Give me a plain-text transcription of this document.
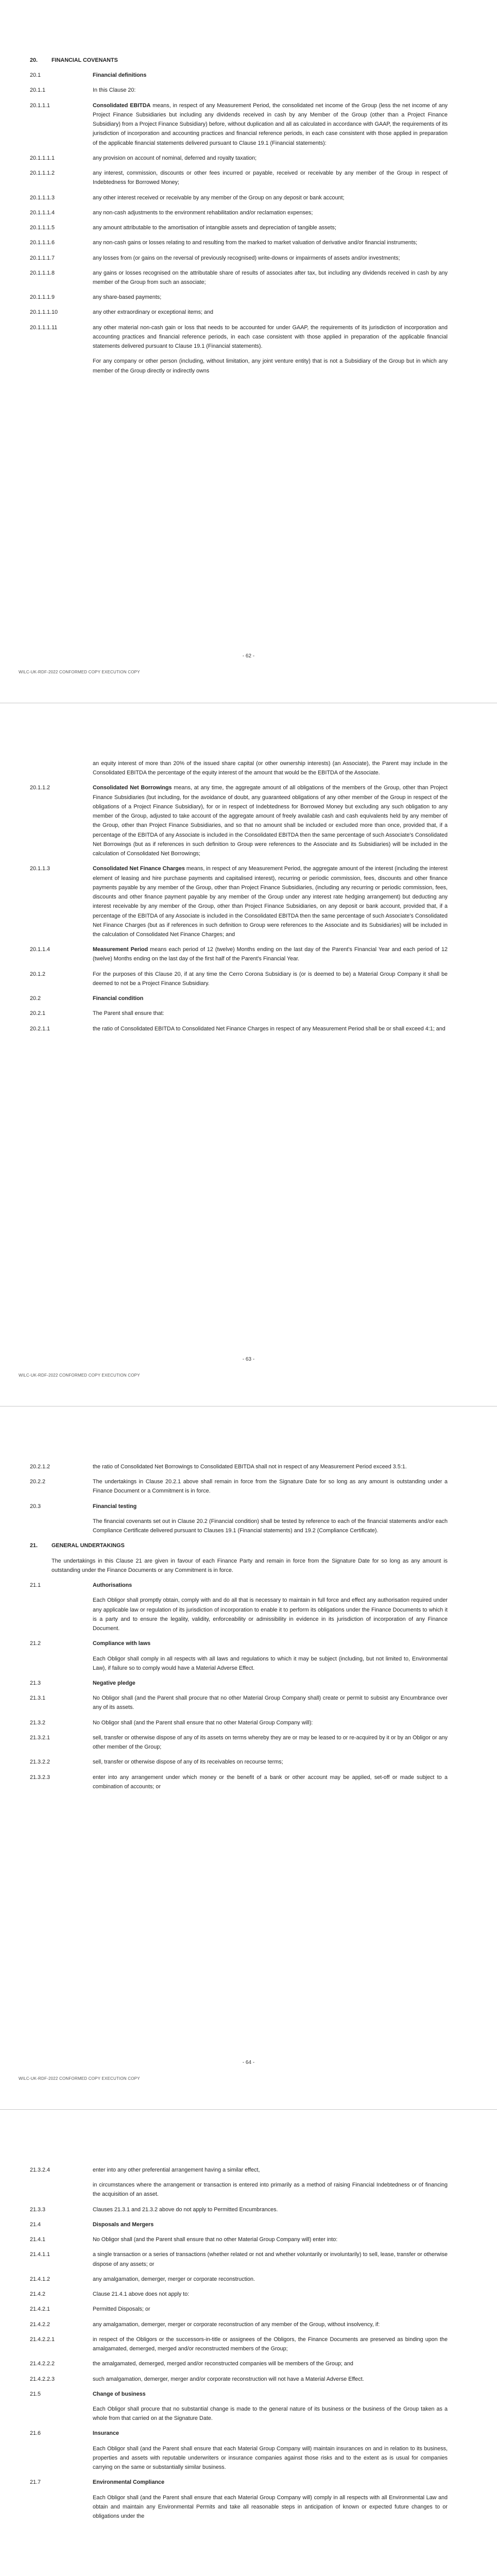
20.	FINANCIAL COVENANTS
20.1	Financial definitions
20.1.1	In this Clause 20:
20.1.1.1	Consolidated EBITDA means, in respect of any Measurement Period, the consolidated net income of the Group (less the net income of any Project Finance Subsidiaries but including any dividends received in cash by any Member of the Group (other than a Project Finance Subsidiary) from a Project Finance Subsidiary) before, without duplication and all as calculated in accordance with GAAP, the requirements of its jurisdiction of incorporation and accounting practices and financial reference periods, in each case consistent with those applied in preparation of the applicable financial statements delivered pursuant to Clause 19.1 (Financial statements):
20.1.1.1.1	any provision on account of nominal, deferred and royalty taxation;
20.1.1.1.2	any interest, commission, discounts or other fees incurred or payable, received or receivable by any member of the Group in respect of Indebtedness for Borrowed Money;
20.1.1.1.3	any other interest received or receivable by any member of the Group on any deposit or bank account;
20.1.1.1.4	any non-cash adjustments to the environment rehabilitation and/or reclamation expenses;
20.1.1.1.5	any amount attributable to the amortisation of intangible assets and depreciation of tangible assets;
20.1.1.1.6	any non-cash gains or losses relating to and resulting from the marked to market valuation of derivative and/or financial instruments;
20.1.1.1.7	any losses from (or gains on the reversal of previously recognised) write-downs or impairments of assets and/or investments;
20.1.1.1.8	any gains or losses recognised on the attributable share of results of associates after tax, but including any dividends received in cash by any member of the Group from such an associate;
20.1.1.1.9	any share-based payments;
20.1.1.1.10	any other extraordinary or exceptional items; and
20.1.1.1.11	any other material non-cash gain or loss that needs to be accounted for under GAAP, the requirements of its jurisdiction of incorporation and accounting practices and financial reference periods, in each case consistent with those applied in preparation of the applicable financial statements delivered pursuant to Clause 19.1 (Financial statements).
For any company or other person (including, without limitation, any joint venture entity) that is not a Subsidiary of the Group but in which any member of the Group directly or indirectly owns
- 62 -
WILC-UK-RDF-2022 CONFORMED COPY EXECUTION COPY
an equity interest of more than 20% of the issued share capital (or other ownership interests) (an Associate), the Parent may include in the Consolidated EBITDA the percentage of the equity interest of the amount that would be the EBITDA of the Associate.
20.1.1.2	Consolidated Net Borrowings means, at any time, the aggregate amount of all obligations of the members of the Group, other than Project Finance Subsidiaries (but including, for the avoidance of doubt, any guaranteed obligations of any other member of the Group in respect of the obligations of a Project Finance Subsidiary), for or in respect of Indebtedness for Borrowed Money but excluding any such obligation to any member of the Group, adjusted to take account of the aggregate amount of freely available cash and cash equivalents held by any member of the Group, other than Project Finance Subsidiaries, and so that no amount shall be included or excluded more than once, provided that, if a percentage of the EBITDA of any Associate is included in the Consolidated EBITDA then the same percentage of such Associate's Consolidated Net Borrowings (but as if references in such definition to Group were references to the Associate and its Subsidiaries) will be included in the calculation of Consolidated Net Borrowings;
20.1.1.3	Consolidated Net Finance Charges means, in respect of any Measurement Period, the aggregate amount of the interest (including the interest element of leasing and hire purchase payments and capitalised interest), recurring or periodic commission, fees, discounts and other finance payments payable by any member of the Group, other than Project Finance Subsidiaries, (including any recurring or periodic commission, fees, discounts and other finance payment payable by any member of the Group under any interest rate hedging arrangement) but deducting any interest receivable by any member of the Group, other than Project Finance Subsidiaries, on any deposit or bank account, provided that, if a percentage of the EBITDA of any Associate is included in the Consolidated EBITDA then the same percentage of such Associate's Consolidated Net Finance Charges (but as if references in such definition to Group were references to the Associate and its Subsidiaries) will be included in the calculation of Consolidated Net Finance Charges; and
20.1.1.4	Measurement Period means each period of 12 (twelve) Months ending on the last day of the Parent's Financial Year and each period of 12 (twelve) Months ending on the last day of the first half of the Parent's Financial Year.
20.1.2	For the purposes of this Clause 20, if at any time the Cerro Corona Subsidiary is (or is deemed to be) a Material Group Company it shall be deemed to not be a Project Finance Subsidiary.
20.2	Financial condition
20.2.1	The Parent shall ensure that:
20.2.1.1	the ratio of Consolidated EBITDA to Consolidated Net Finance Charges in respect of any Measurement Period shall be or shall exceed 4:1; and
- 63 -
WILC-UK-RDF-2022 CONFORMED COPY EXECUTION COPY
20.2.1.2	the ratio of Consolidated Net Borrowings to Consolidated EBITDA shall not in respect of any Measurement Period exceed 3.5:1.
20.2.2	The undertakings in Clause 20.2.1 above shall remain in force from the Signature Date for so long as any amount is outstanding under a Finance Document or a Commitment is in force.
20.3	Financial testing
The financial covenants set out in Clause 20.2 (Financial condition) shall be tested by reference to each of the financial statements and/or each Compliance Certificate delivered pursuant to Clauses 19.1 (Financial statements) and 19.2 (Compliance Certificate).
21.	GENERAL UNDERTAKINGS
The undertakings in this Clause 21 are given in favour of each Finance Party and remain in force from the Signature Date for so long as any amount is outstanding under the Finance Documents or any Commitment is in force.
21.1	Authorisations
Each Obligor shall promptly obtain, comply with and do all that is necessary to maintain in full force and effect any authorisation required under any applicable law or regulation of its jurisdiction of incorporation to enable it to perform its obligations under the Finance Documents to which it is a party and to ensure the legality, validity, enforceability or admissibility in evidence in its jurisdiction of incorporation of any Finance Document.
21.2	Compliance with laws
Each Obligor shall comply in all respects with all laws and regulations to which it may be subject (including, but not limited to, Environmental Law), if failure so to comply would have a Material Adverse Effect.
21.3	Negative pledge
21.3.1	No Obligor shall (and the Parent shall procure that no other Material Group Company shall) create or permit to subsist any Encumbrance over any of its assets.
21.3.2	No Obligor shall (and the Parent shall ensure that no other Material Group Company will):
21.3.2.1	sell, transfer or otherwise dispose of any of its assets on terms whereby they are or may be leased to or re-acquired by it or by an Obligor or any other member of the Group;
21.3.2.2	sell, transfer or otherwise dispose of any of its receivables on recourse terms;
21.3.2.3	enter into any arrangement under which money or the benefit of a bank or other account may be applied, set-off or made subject to a combination of accounts; or
- 64 -
WILC-UK-RDF-2022 CONFORMED COPY EXECUTION COPY
21.3.2.4	enter into any other preferential arrangement having a similar effect,
in circumstances where the arrangement or transaction is entered into primarily as a method of raising Financial Indebtedness or of financing the acquisition of an asset.
21.3.3	Clauses 21.3.1 and 21.3.2 above do not apply to Permitted Encumbrances.
21.4	Disposals and Mergers
21.4.1	No Obligor shall (and the Parent shall ensure that no other Material Group Company will) enter into:
21.4.1.1	a single transaction or a series of transactions (whether related or not and whether voluntarily or involuntarily) to sell, lease, transfer or otherwise dispose of any assets; or
21.4.1.2	any amalgamation, demerger, merger or corporate reconstruction.
21.4.2	Clause 21.4.1 above does not apply to:
21.4.2.1	Permitted Disposals; or
21.4.2.2	any amalgamation, demerger, merger or corporate reconstruction of any member of the Group, without insolvency, if:
21.4.2.2.1	in respect of the Obligors or the successors-in-title or assignees of the Obligors, the Finance Documents are preserved as binding upon the amalgamated, demerged, merged and/or reconstructed members of the Group;
21.4.2.2.2	the amalgamated, demerged, merged and/or reconstructed companies will be members of the Group; and
21.4.2.2.3	such amalgamation, demerger, merger and/or corporate reconstruction will not have a Material Adverse Effect.
21.5	Change of business
Each Obligor shall procure that no substantial change is made to the general nature of its business or the business of the Group taken as a whole from that carried on at the Signature Date.
21.6	Insurance
Each Obligor shall (and the Parent shall ensure that each Material Group Company will) maintain insurances on and in relation to its business, properties and assets with reputable underwriters or insurance companies against those risks and to the extent as is usual for companies carrying on the same or substantially similar business.
21.7	Environmental Compliance
Each Obligor shall (and the Parent shall ensure that each Material Group Company will) comply in all respects with all Environmental Law and obtain and maintain any Environmental Permits and take all reasonable steps in anticipation of known or expected future changes to or obligations under the
